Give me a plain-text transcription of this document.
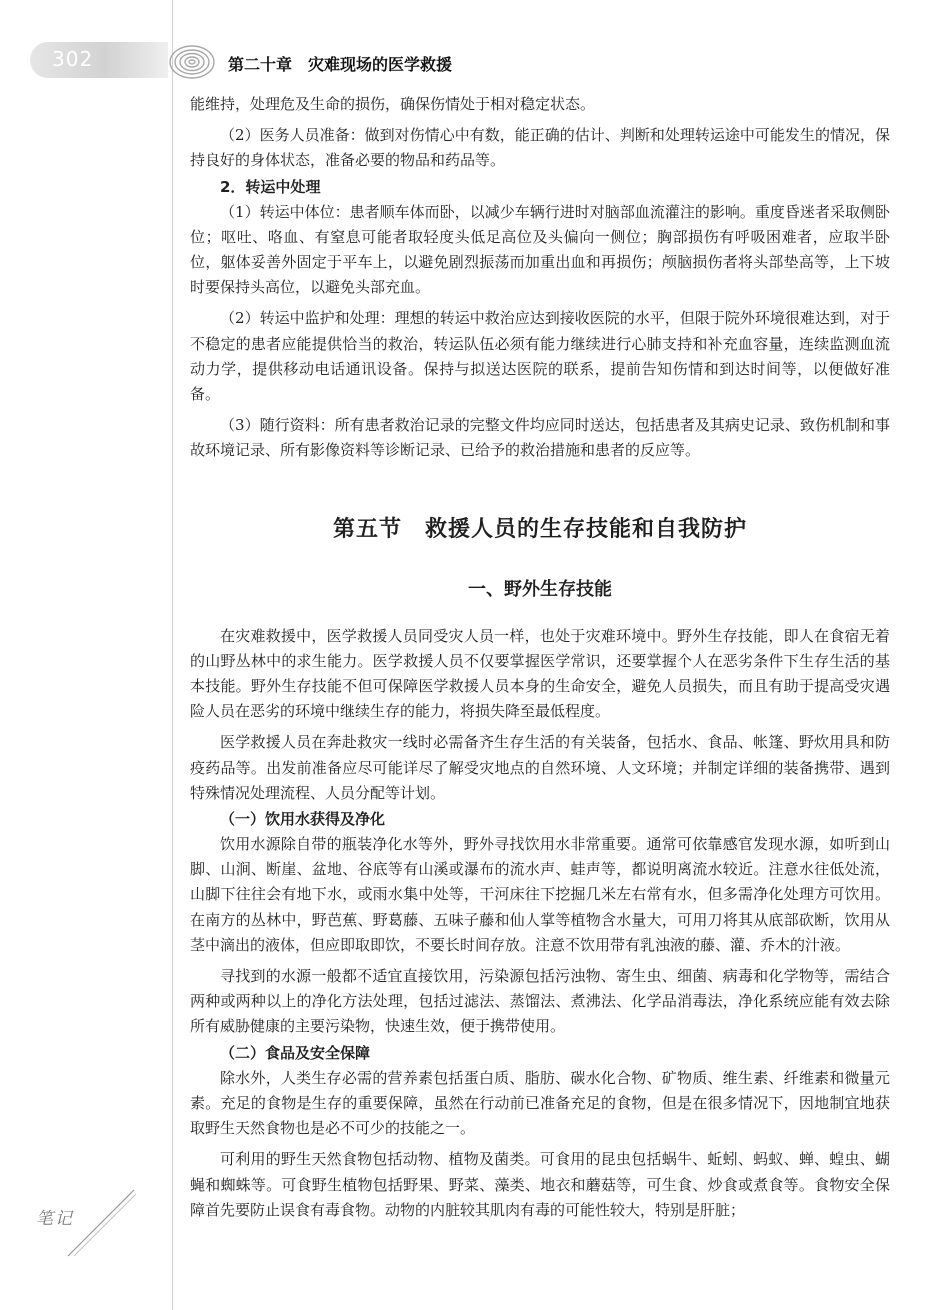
302	第二十章　灾难现场的医学救援

能维持，处理危及生命的损伤，确保伤情处于相对稳定状态。

（2）医务人员准备：做到对伤情心中有数，能正确的估计、判断和处理转运途中可能发生的情况，保持良好的身体状态，准备必要的物品和药品等。

2．转运中处理

（1）转运中体位：患者顺车体而卧，以减少车辆行进时对脑部血流灌注的影响。重度昏迷者采取侧卧位；呕吐、咯血、有窒息可能者取轻度头低足高位及头偏向一侧位；胸部损伤有呼吸困难者，应取半卧位，躯体妥善外固定于平车上，以避免剧烈振荡而加重出血和再损伤；颅脑损伤者将头部垫高等，上下坡时要保持头高位，以避免头部充血。

（2）转运中监护和处理：理想的转运中救治应达到接收医院的水平，但限于院外环境很难达到，对于不稳定的患者应能提供恰当的救治，转运队伍必须有能力继续进行心肺支持和补充血容量，连续监测血流动力学，提供移动电话通讯设备。保持与拟送达医院的联系，提前告知伤情和到达时间等，以便做好准备。

（3）随行资料：所有患者救治记录的完整文件均应同时送达，包括患者及其病史记录、致伤机制和事故环境记录、所有影像资料等诊断记录、已给予的救治措施和患者的反应等。

第五节　救援人员的生存技能和自我防护
一、野外生存技能

在灾难救援中，医学救援人员同受灾人员一样，也处于灾难环境中。野外生存技能，即人在食宿无着的山野丛林中的求生能力。医学救援人员不仅要掌握医学常识，还要掌握个人在恶劣条件下生存生活的基本技能。野外生存技能不但可保障医学救援人员本身的生命安全，避免人员损失，而且有助于提高受灾遇险人员在恶劣的环境中继续生存的能力，将损失降至最低程度。

医学救援人员在奔赴救灾一线时必需备齐生存生活的有关装备，包括水、食品、帐篷、野炊用具和防疫药品等。出发前准备应尽可能详尽了解受灾地点的自然环境、人文环境；并制定详细的装备携带、遇到特殊情况处理流程、人员分配等计划。

（一）饮用水获得及净化

饮用水源除自带的瓶装净化水等外，野外寻找饮用水非常重要。通常可依靠感官发现水源，如听到山脚、山涧、断崖、盆地、谷底等有山溪或瀑布的流水声、蛙声等，都说明离流水较近。注意水往低处流，山脚下往往会有地下水，或雨水集中处等，干河床往下挖掘几米左右常有水，但多需净化处理方可饮用。在南方的丛林中，野芭蕉、野葛藤、五味子藤和仙人掌等植物含水量大，可用刀将其从底部砍断，饮用从茎中滴出的液体，但应即取即饮，不要长时间存放。注意不饮用带有乳浊液的藤、灌、乔木的汁液。

寻找到的水源一般都不适宜直接饮用，污染源包括污浊物、寄生虫、细菌、病毒和化学物等，需结合两种或两种以上的净化方法处理，包括过滤法、蒸馏法、煮沸法、化学品消毒法，净化系统应能有效去除所有威胁健康的主要污染物，快速生效，便于携带使用。

（二）食品及安全保障

除水外，人类生存必需的营养素包括蛋白质、脂肪、碳水化合物、矿物质、维生素、纤维素和微量元素。充足的食物是生存的重要保障，虽然在行动前已准备充足的食物，但是在很多情况下，因地制宜地获取野生天然食物也是必不可少的技能之一。

可利用的野生天然食物包括动物、植物及菌类。可食用的昆虫包括蜗牛、蚯蚓、蚂蚁、蝉、蝗虫、蝴蝇和蜘蛛等。可食野生植物包括野果、野菜、藻类、地衣和蘑菇等，可生食、炒食或煮食等。食物安全保障首先要防止误食有毒食物。动物的内脏较其肌肉有毒的可能性较大，特别是肝脏；

笔记
